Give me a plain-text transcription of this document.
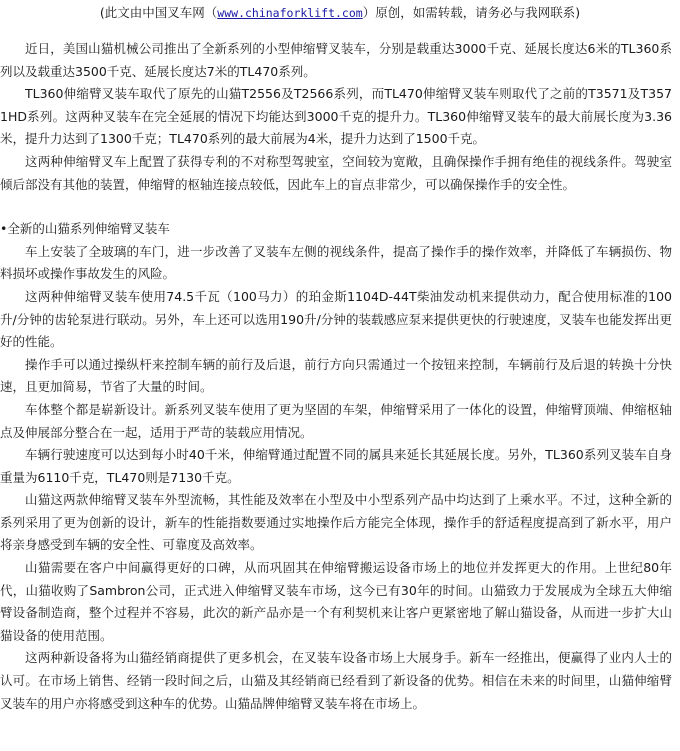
(此文由中国叉车网（www.chinaforklift.com）原创，如需转载，请务必与我网联系)

近日，美国山猫机械公司推出了全新系列的小型伸缩臂叉装车，分别是载重达3000千克、延展长度达6米的TL360系列以及载重达3500千克、延展长度达7米的TL470系列。

TL360伸缩臂叉装车取代了原先的山猫T2556及T2566系列，而TL470伸缩臂叉装车则取代了之前的T3571及T3571HD系列。这两种叉装车在完全延展的情况下均能达到3000千克的提升力。TL360伸缩臂叉装车的最大前展长度为3.36米，提升力达到了1300千克；TL470系列的最大前展为4米，提升力达到了1500千克。

这两种伸缩臂叉车上配置了获得专利的不对称型驾驶室，空间较为宽敞，且确保操作手拥有绝佳的视线条件。驾驶室倾后部没有其他的装置，伸缩臂的枢轴连接点较低，因此车上的盲点非常少，可以确保操作手的安全性。

•全新的山猫系列伸缩臂叉装车

车上安装了全玻璃的车门，进一步改善了叉装车左侧的视线条件，提高了操作手的操作效率，并降低了车辆损伤、物料损坏或操作事故发生的风险。

这两种伸缩臂叉装车使用74.5千瓦（100马力）的珀金斯1104D-44T柴油发动机来提供动力，配合使用标准的100升/分钟的齿轮泵进行联动。另外，车上还可以选用190升/分钟的装载感应泵来提供更快的行驶速度，叉装车也能发挥出更好的性能。

操作手可以通过操纵杆来控制车辆的前行及后退，前行方向只需通过一个按钮来控制，车辆前行及后退的转换十分快速，且更加简易，节省了大量的时间。

车体整个都是崭新设计。新系列叉装车使用了更为坚固的车架，伸缩臂采用了一体化的设置，伸缩臂顶端、伸缩枢轴点及伸展部分整合在一起，适用于严苛的装载应用情况。

车辆行驶速度可以达到每小时40千米，伸缩臂通过配置不同的属具来延长其延展长度。另外，TL360系列叉装车自身重量为6110千克，TL470则是7130千克。

山猫这两款伸缩臂叉装车外型流畅，其性能及效率在小型及中小型系列产品中均达到了上乘水平。不过，这种全新的系列采用了更为创新的设计，新车的性能指数要通过实地操作后方能完全体现，操作手的舒适程度提高到了新水平，用户将亲身感受到车辆的安全性、可靠度及高效率。

山猫需要在客户中间赢得更好的口碑，从而巩固其在伸缩臂搬运设备市场上的地位并发挥更大的作用。上世纪80年代，山猫收购了Sambron公司，正式进入伸缩臂叉装车市场，这今已有30年的时间。山猫致力于发展成为全球五大伸缩臂设备制造商，整个过程并不容易，此次的新产品亦是一个有利契机来让客户更紧密地了解山猫设备，从而进一步扩大山猫设备的使用范围。

这两种新设备将为山猫经销商提供了更多机会，在叉装车设备市场上大展身手。新车一经推出，便赢得了业内人士的认可。在市场上销售、经销一段时间之后，山猫及其经销商已经看到了新设备的优势。相信在未来的时间里，山猫伸缩臂叉装车的用户亦将感受到这种车的优势。山猫品牌伸缩臂叉装车将在市场上。
